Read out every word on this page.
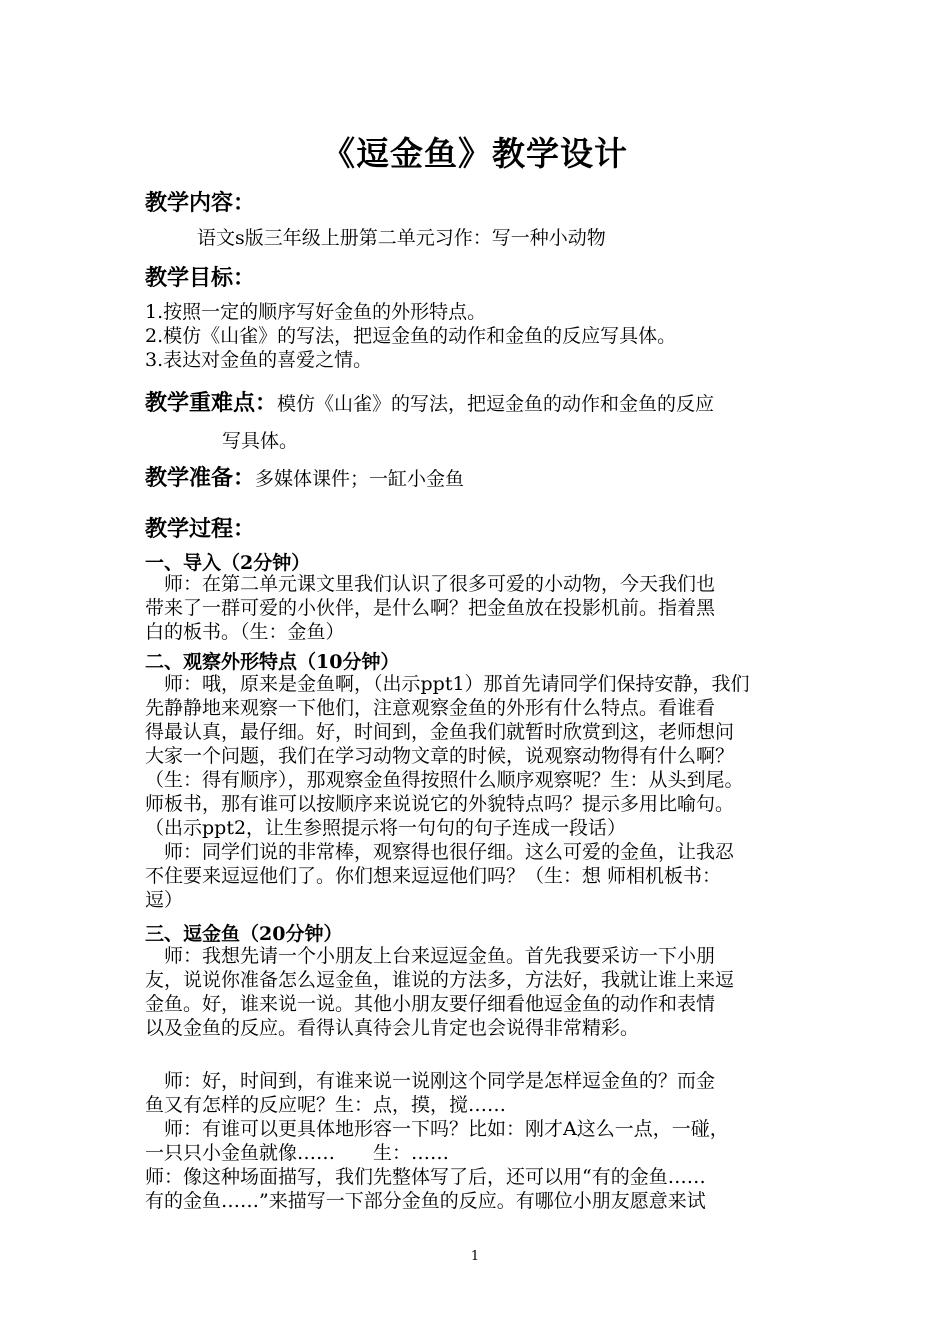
《逗金鱼》教学设计
教学内容：
语文s版三年级上册第二单元习作：写一种小动物
教学目标：
1.按照一定的顺序写好金鱼的外形特点。
2.模仿《山雀》的写法，把逗金鱼的动作和金鱼的反应写具体。
3.表达对金鱼的喜爱之情。
教学重难点：模仿《山雀》的写法，把逗金鱼的动作和金鱼的反应
写具体。
教学准备：多媒体课件；一缸小金鱼
教学过程：
一、导入（2分钟）
　师：在第二单元课文里我们认识了很多可爱的小动物，今天我们也
带来了一群可爱的小伙伴，是什么啊？把金鱼放在投影机前。指着黑
白的板书。（生：金鱼）
二、观察外形特点（10分钟）
　师：哦，原来是金鱼啊，（出示ppt1）那首先请同学们保持安静，我们
先静静地来观察一下他们，注意观察金鱼的外形有什么特点。看谁看
得最认真，最仔细。好，时间到，金鱼我们就暂时欣赏到这，老师想问
大家一个问题，我们在学习动物文章的时候，说观察动物得有什么啊？
（生：得有顺序），那观察金鱼得按照什么顺序观察呢？生：从头到尾。
师板书，那有谁可以按顺序来说说它的外貌特点吗？提示多用比喻句。
（出示ppt2，让生参照提示将一句句的句子连成一段话）
　师：同学们说的非常棒，观察得也很仔细。这么可爱的金鱼，让我忍
不住要来逗逗他们了。你们想来逗逗他们吗？（生：想 师相机板书：
逗）
三、逗金鱼（20分钟）
　师：我想先请一个小朋友上台来逗逗金鱼。首先我要采访一下小朋
友，说说你准备怎么逗金鱼，谁说的方法多，方法好，我就让谁上来逗
金鱼。好，谁来说一说。其他小朋友要仔细看他逗金鱼的动作和表情
以及金鱼的反应。看得认真待会儿肯定也会说得非常精彩。
　师：好，时间到，有谁来说一说刚这个同学是怎样逗金鱼的？而金
鱼又有怎样的反应呢？生：点，摸，搅……
　师：有谁可以更具体地形容一下吗？比如：刚才A这么一点，一碰，
一只只小金鱼就像……　　生：……
师：像这种场面描写，我们先整体写了后，还可以用“有的金鱼……
有的金鱼……”来描写一下部分金鱼的反应。有哪位小朋友愿意来试
1
